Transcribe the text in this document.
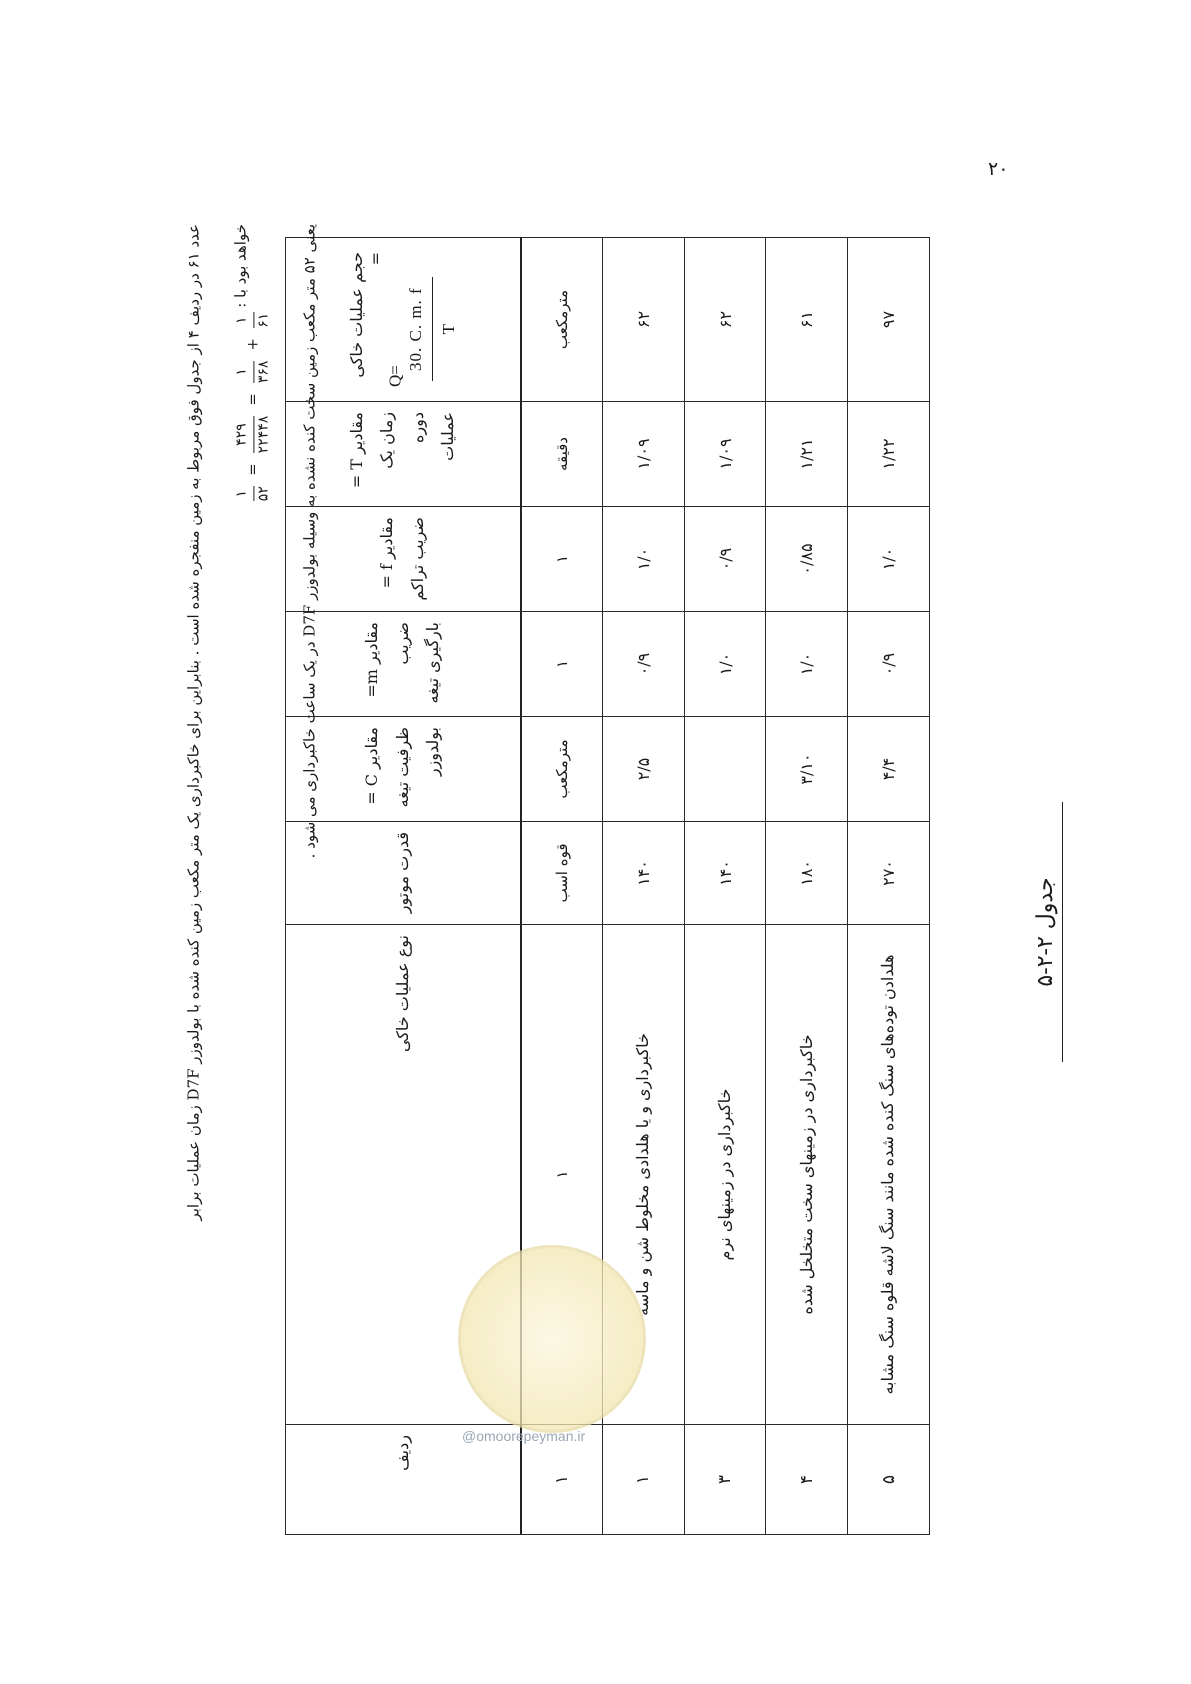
۲۰
جدول ۲-۲-۵
ردیف	نوع عملیات خاکی	قدرت موتور	مقادیر C = ظرفیت تیغه بولدوزر	مقادیر m= ضریب بارگیری تیغه	مقادیر f = ضریب تراکم	مقادیر T = زمان یک دوره عملیات	حجم عملیات خاکی =
Q=
30. C. m. f T

۱	۱	قوه اسب	مترمکعب	۱	۱	دقیقه	مترمکعب
۱	خاکبرداری و یا هلدادی مخلوط شن و ماسه	۱۴۰	۲/۵	۰/۹	۱/۰	۱/۰۹	۶۲
۳	خاکبرداری در زمینهای نرم	۱۴۰		۱/۰	۰/۹	۱/۰۹	۶۲
۴	خاکبرداری در زمینهای سخت متخلخل شده	۱۸۰	۳/۱۰	۱/۰	۰/۸۵	۱/۲۱	۶۱
۵	هلدادن توده‌های سنگ کنده شده مانند سنگ لاشه قلوه سنگ مشابه	۲۷۰	۴/۴	۰/۹	۱/۰	۱/۲۲	۹۷

عدد ۶۱ در ردیف ۴ از جدول فوق مربوط به زمین منفجره شده است . بنابراین برای خاکبرداری یک متر مکعب زمین کنده شده با بولدوزر D7F زمان عملیات برابر خواهد بود با :
۱ ۵۲
=
۴۲۹ ۲۲۴۴۸
=
۱ ۳۶۸
+
۱ ۶۱

یعنی ۵۲ متر مکعب زمین سخت کنده نشده به وسیله بولدوزر D7F در یک ساعت خاکبرداری می شود .

@omoorepeyman.ir
